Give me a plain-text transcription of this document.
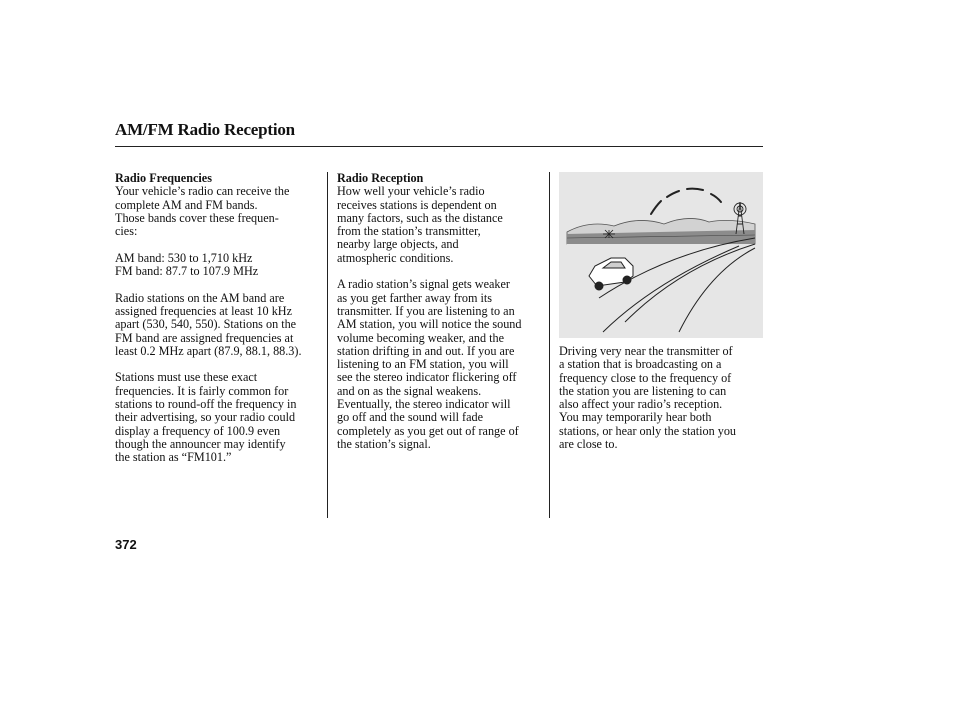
AM/FM Radio Reception

Radio Frequencies

Your vehicle’s radio can receive the
complete AM and FM bands.
Those bands cover these frequen-
cies:

AM band: 530 to 1,710 kHz
FM band: 87.7 to 107.9 MHz

Radio stations on the AM band are
assigned frequencies at least 10 kHz
apart (530, 540, 550). Stations on the
FM band are assigned frequencies at
least 0.2 MHz apart (87.9, 88.1, 88.3).

Stations must use these exact
frequencies. It is fairly common for
stations to round-off the frequency in
their advertising, so your radio could
display a frequency of 100.9 even
though the announcer may identify
the station as “FM101.”

Radio Reception

How well your vehicle’s radio
receives stations is dependent on
many factors, such as the distance
from the station’s transmitter,
nearby large objects, and
atmospheric conditions.

A radio station’s signal gets weaker
as you get farther away from its
transmitter. If you are listening to an
AM station, you will notice the sound
volume becoming weaker, and the
station drifting in and out. If you are
listening to an FM station, you will
see the stereo indicator flickering off
and on as the signal weakens.
Eventually, the stereo indicator will
go off and the sound will fade
completely as you get out of range of
the station’s signal.

Driving very near the transmitter of
a station that is broadcasting on a
frequency close to the frequency of
the station you are listening to can
also affect your radio’s reception.
You may temporarily hear both
stations, or hear only the station you
are close to.

372
